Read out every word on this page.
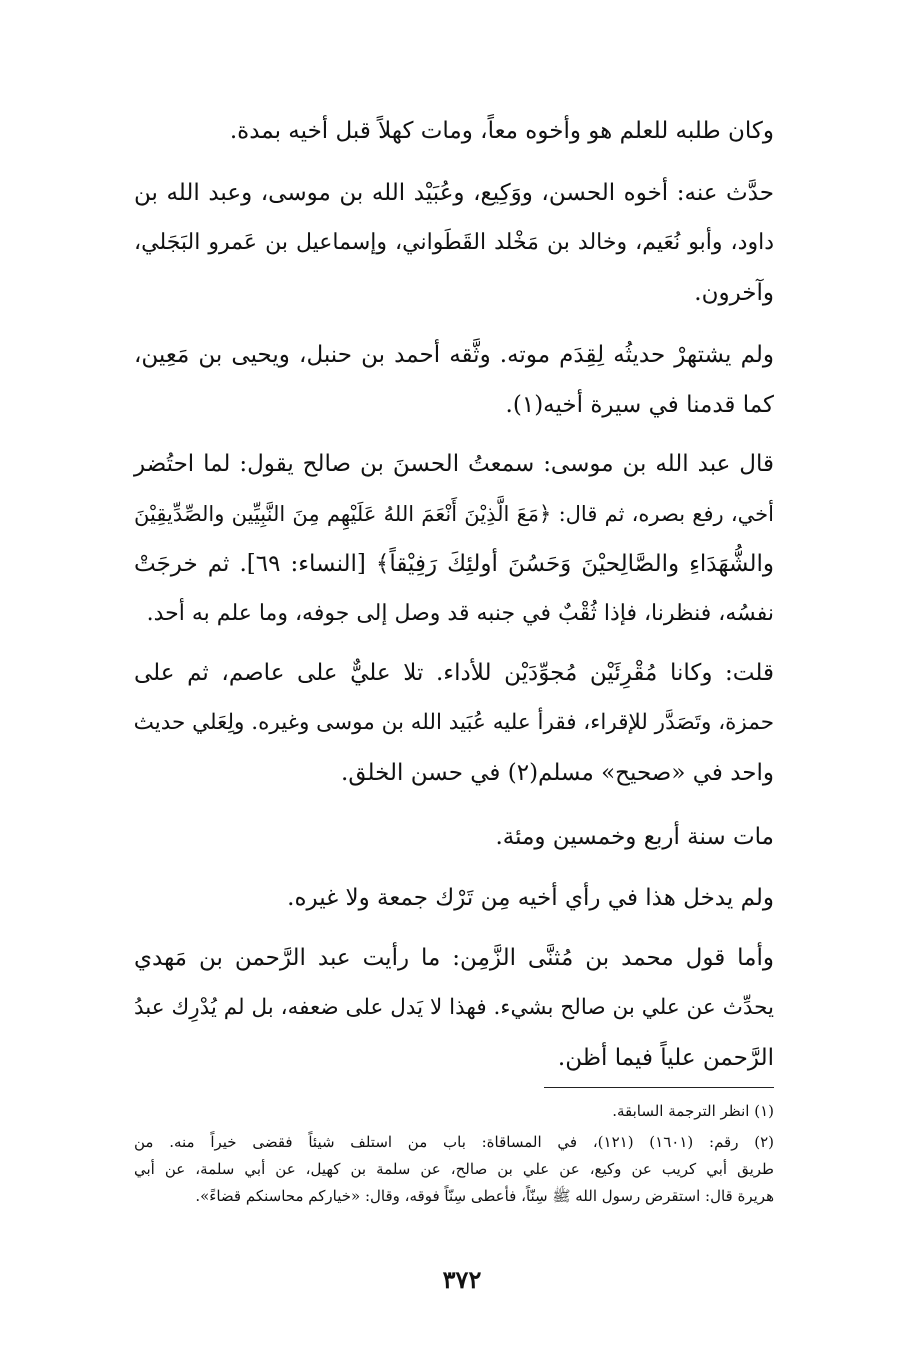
وكان طلبه للعلم هو وأخوه معاً، ومات كهلاً قبل أخيه بمدة.
حدَّث عنه: أخوه الحسن، ووَكِيع، وعُبَيْد الله بن موسى، وعبد الله بن
داود، وأبو نُعَيم، وخالد بن مَخْلد القَطَواني، وإسماعيل بن عَمرو البَجَلي،
وآخرون.
ولم يشتهرْ حديثُه لِقِدَم موته. وثَّقه أحمد بن حنبل، ويحيى بن مَعِين،
كما قدمنا في سيرة أخيه(١).
قال عبد الله بن موسى: سمعتُ الحسنَ بن صالح يقول: لما احتُضر
أخي، رفع بصره، ثم قال: ﴿مَعَ الَّذِيْنَ أَنْعَمَ اللهُ عَلَيْهِم مِنَ النَّبِيِّين والصِّدِّيقِيْنَ
والشُّهَدَاءِ والصَّالِحيْنَ وَحَسُنَ أولئِكَ رَفِيْقاً﴾ [النساء: ٦٩]. ثم خرجَتْ
نفسُه، فنظرنا، فإذا ثُقْبٌ في جنبه قد وصل إلى جوفه، وما علم به أحد.
قلت: وكانا مُقْرِئَيْن مُجوِّدَيْن للأداء. تلا عليٌّ على عاصم، ثم على
حمزة، وتَصَدَّر للإقراء، فقرأ عليه عُبَيد الله بن موسى وغيره. ولِعَلي حديث
واحد في «صحيح» مسلم(٢) في حسن الخلق.
مات سنة أربع وخمسين ومئة.
ولم يدخل هذا في رأي أخيه مِن تَرْك جمعة ولا غيره.
وأما قول محمد بن مُثنَّى الزَّمِن: ما رأيت عبد الرَّحمن بن مَهدي
يحدِّث عن علي بن صالح بشيء. فهذا لا يَدل على ضعفه، بل لم يُدْرِك عبدُ
الرَّحمن علياً فيما أظن.
(١) انظر الترجمة السابقة.
(٢) رقم: (١٦٠١) (١٢١)، في المساقاة: باب من استلف شيئاً فقضى خيراً منه. من
طريق أبي كريب عن وكيع، عن علي بن صالح، عن سلمة بن كهيل، عن أبي سلمة، عن أبي
هريرة قال: استقرض رسول الله ﷺ سِنّاً، فأعطى سِنّاً فوقه، وقال: «خياركم محاسنكم قضاءً».
٣٧٢
